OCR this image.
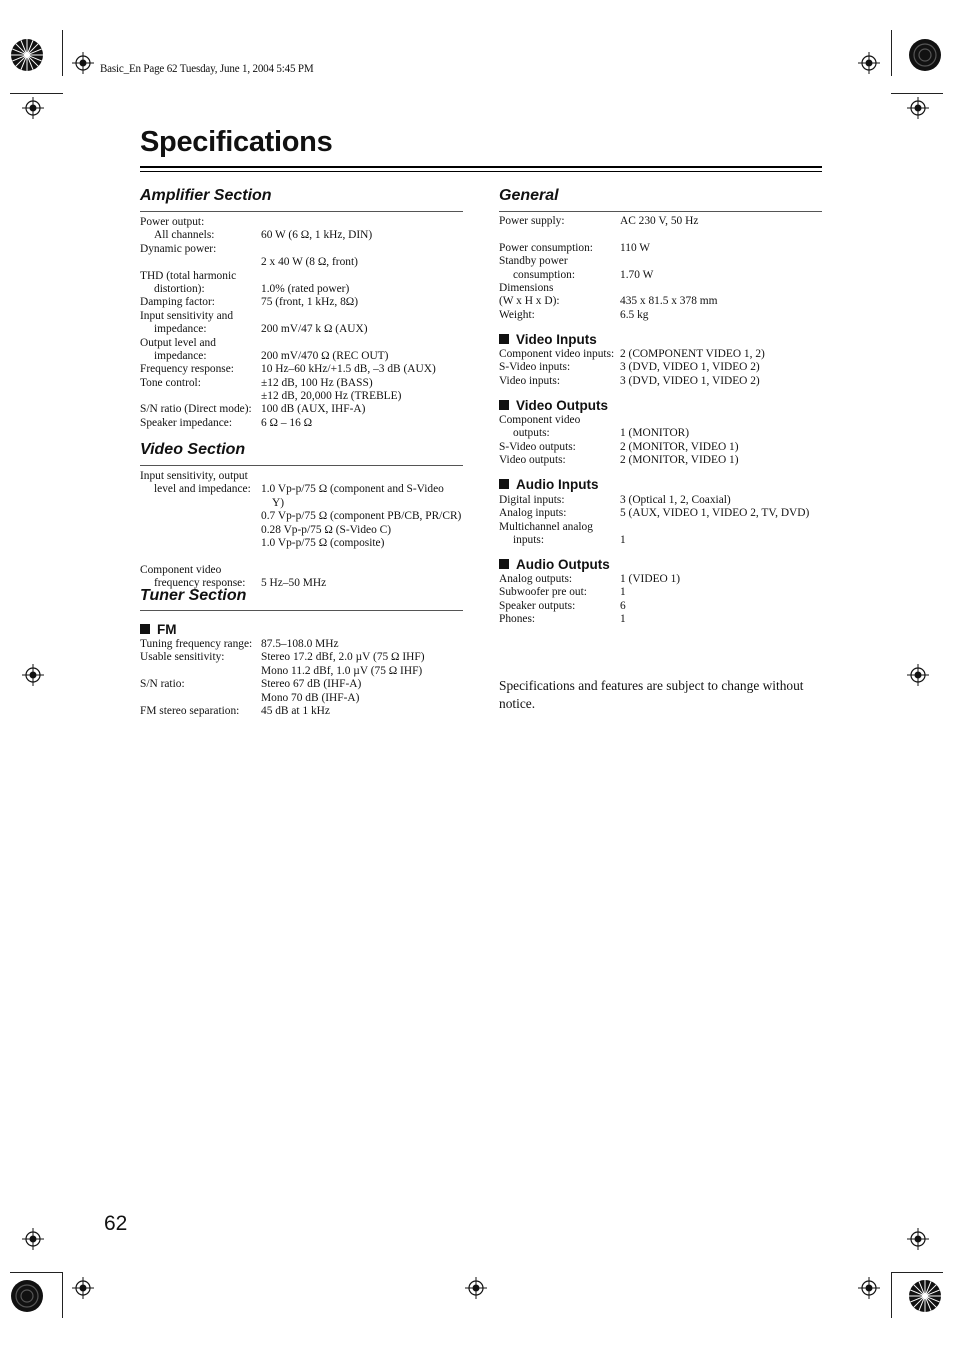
Basic_En Page 62 Tuesday, June 1, 2004 5:45 PM
Specifications
Amplifier Section
Power output:
All channels:	60 W (6 Ω, 1 kHz, DIN)
Dynamic power:
2 x 40 W (8 Ω, front)
THD (total harmonic
distortion):	1.0% (rated power)
Damping factor:	75 (front, 1 kHz, 8Ω)
Input sensitivity and
impedance:	200 mV/47 k Ω (AUX)
Output level and
impedance:	200 mV/470 Ω (REC OUT)
Frequency response: 10 Hz–60 kHz/+1.5 dB, –3 dB (AUX)
Tone control:	±12 dB, 100 Hz (BASS)
±12 dB, 20,000 Hz (TREBLE)
S/N ratio (Direct mode): 100 dB (AUX, IHF-A)
Speaker impedance:	6 Ω – 16 Ω
Video Section
Input sensitivity, output
level and impedance: 1.0 Vp-p/75 Ω (component and S-Video
Y)
0.7 Vp-p/75 Ω (component PB/CB, PR/CR)
0.28 Vp-p/75 Ω (S-Video C)
1.0 Vp-p/75 Ω (composite)
Component video
frequency response: 5 Hz–50 MHz
Tuner Section
FM
Tuning frequency range: 87.5–108.0 MHz
Usable sensitivity:	Stereo 17.2 dBf, 2.0 µV (75 Ω IHF)
Mono 11.2 dBf, 1.0 µV (75 Ω IHF)
S/N ratio:	Stereo 67 dB (IHF-A)
Mono 70 dB (IHF-A)
FM stereo separation: 45 dB at 1 kHz
General
Power supply:	AC 230 V, 50 Hz
Power consumption: 110 W
Standby power
consumption:	1.70 W
Dimensions
(W x H x D):	435 x 81.5 x 378 mm
Weight:	6.5 kg
Video Inputs
Component video inputs: 2 (COMPONENT VIDEO 1, 2)
S-Video inputs:	3 (DVD, VIDEO 1, VIDEO 2)
Video inputs:	3 (DVD, VIDEO 1, VIDEO 2)
Video Outputs
Component video
outputs:	1 (MONITOR)
S-Video outputs:	2 (MONITOR, VIDEO 1)
Video outputs:	2 (MONITOR, VIDEO 1)
Audio Inputs
Digital inputs:	3 (Optical 1, 2, Coaxial)
Analog inputs:	5 (AUX, VIDEO 1, VIDEO 2, TV, DVD)
Multichannel analog
inputs:	1
Audio Outputs
Analog outputs:	1 (VIDEO 1)
Subwoofer pre out:	1
Speaker outputs:	6
Phones:	1
Specifications and features are subject to change without notice.
62
